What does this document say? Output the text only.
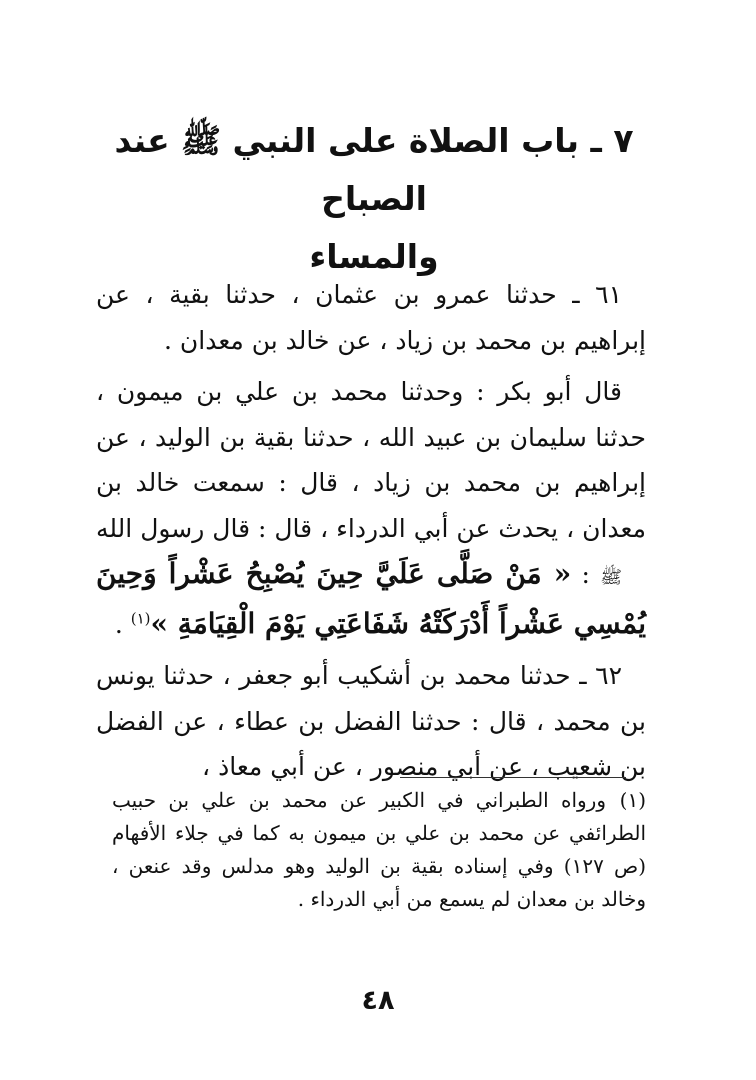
٧ ـ باب الصلاة على النبي ﷺ عند الصباح
والمساء

٦١ ـ حدثنا عمرو بن عثمان ، حدثنا بقية ، عن إبراهيم بن محمد بن زياد ، عن خالد بن معدان .

قال أبو بكر : وحدثنا محمد بن علي بن ميمون ، حدثنا سليمان بن عبيد الله ، حدثنا بقية بن الوليد ، عن إبراهيم بن محمد بن زياد ، قال : سمعت خالد بن معدان ، يحدث عن أبي الدرداء ، قال : قال رسول الله ﷺ : « مَنْ صَلَّى عَلَيَّ حِينَ يُصْبِحُ عَشْراً وَحِينَ يُمْسِي عَشْراً أَدْرَكَتْهُ شَفَاعَتِي يَوْمَ الْقِيَامَةِ »$^{(١)}$ .

٦٢ ـ حدثنا محمد بن أشكيب أبو جعفر ، حدثنا يونس بن محمد ، قال : حدثنا الفضل بن عطاء ، عن الفضل بن شعيب ، عن أبي منصور ، عن أبي معاذ ،

(١)ورواه الطبراني في الكبير عن محمد بن علي بن حبيب الطرائفي عن محمد بن علي بن ميمون به كما في جلاء الأفهام (ص ١٢٧) وفي إسناده بقية بن الوليد وهو مدلس وقد عنعن ، وخالد بن معدان لم يسمع من أبي الدرداء .
٤٨
